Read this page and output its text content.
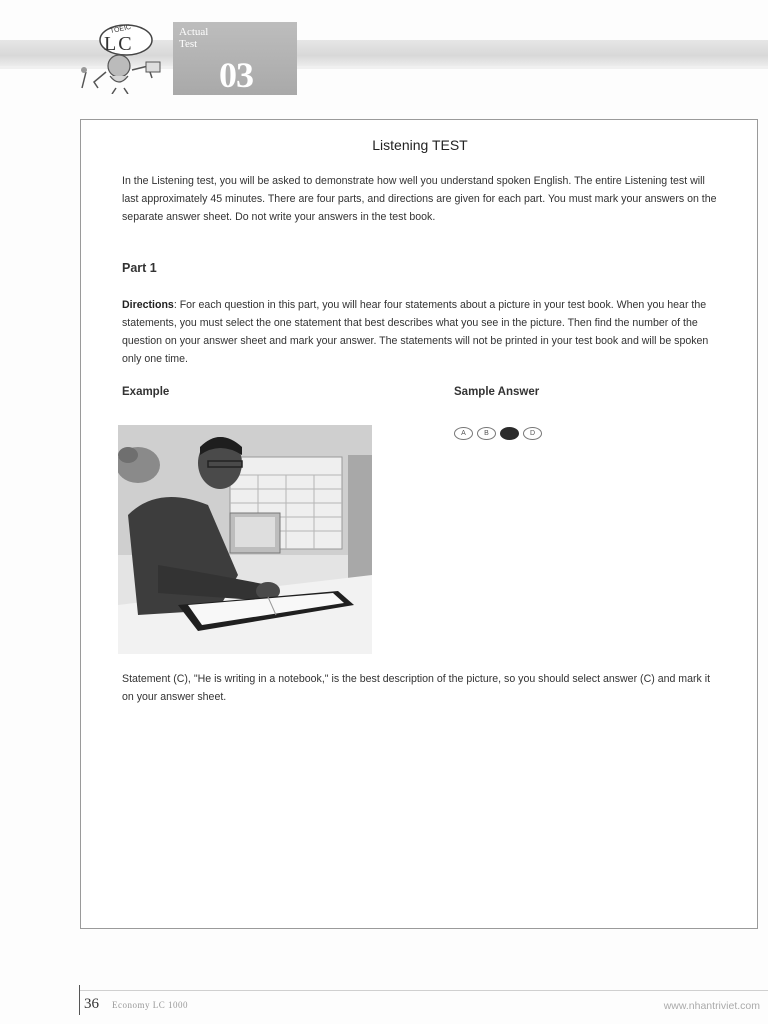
TOEIC
LC
Actual Test
03
Listening TEST
In the Listening test, you will be asked to demonstrate how well you understand spoken English. The entire Listening test will last approximately 45 minutes. There are four parts, and directions are given for each part. You must mark your answers on the separate answer sheet. Do not write your answers in the test book.
Part 1
Directions: For each question in this part, you will hear four statements about a picture in your test book. When you hear the statements, you must select the one statement that best describes what you see in the picture. Then find the number of the question on your answer sheet and mark your answer. The statements will not be printed in your test book and will be spoken only one time.
Example	Sample Answer
A	B	C	D
Statement (C), "He is writing in a notebook," is the best description of the picture, so you should select answer (C) and mark it on your answer sheet.
36 Economy LC 1000	www.nhantriviet.com
